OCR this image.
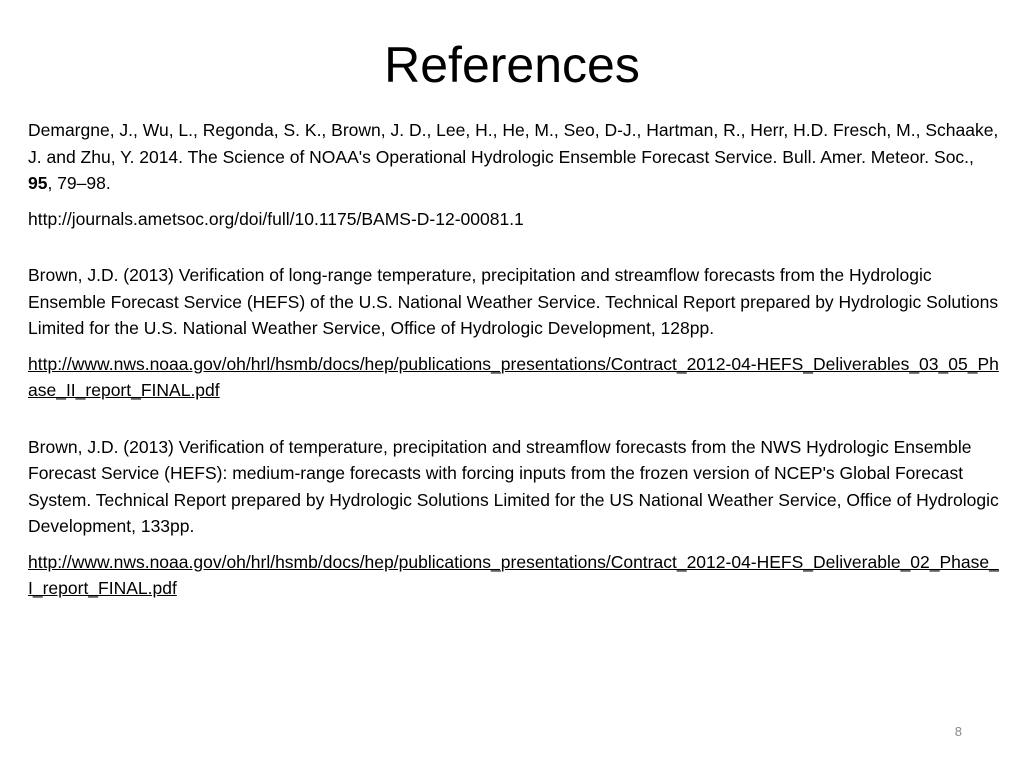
References

Demargne, J., Wu, L., Regonda, S. K., Brown, J. D., Lee, H., He, M., Seo, D-J., Hartman, R., Herr, H.D. Fresch, M., Schaake, J. and Zhu, Y. 2014. The Science of NOAA's Operational Hydrologic Ensemble Forecast Service. Bull. Amer. Meteor. Soc., 95, 79–98.

http://journals.ametsoc.org/doi/full/10.1175/BAMS-D-12-00081.1

Brown, J.D. (2013) Verification of long-range temperature, precipitation and streamflow forecasts from the Hydrologic Ensemble Forecast Service (HEFS) of the U.S. National Weather Service. Technical Report prepared by Hydrologic Solutions Limited for the U.S. National Weather Service, Office of Hydrologic Development, 128pp.

http://www.nws.noaa.gov/oh/hrl/hsmb/docs/hep/publications_presentations/Contract_2012-04-HEFS_Deliverables_03_05_Phase_II_report_FINAL.pdf

Brown, J.D. (2013) Verification of temperature, precipitation and streamflow forecasts from the NWS Hydrologic Ensemble Forecast Service (HEFS): medium-range forecasts with forcing inputs from the frozen version of NCEP's Global Forecast System. Technical Report prepared by Hydrologic Solutions Limited for the US National Weather Service, Office of Hydrologic Development, 133pp.

http://www.nws.noaa.gov/oh/hrl/hsmb/docs/hep/publications_presentations/Contract_2012-04-HEFS_Deliverable_02_Phase_I_report_FINAL.pdf

8
